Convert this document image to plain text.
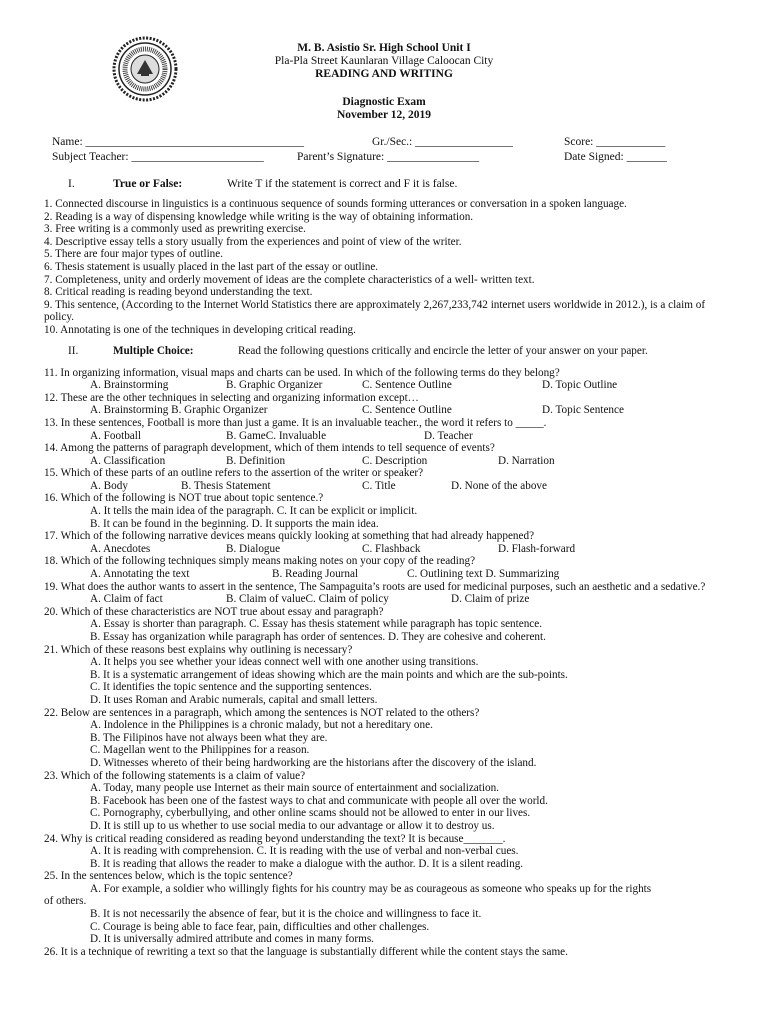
M. B. Asistio Sr. High School Unit I
Pla-Pla Street Kaunlaran Village Caloocan City
READING AND WRITING
Diagnostic Exam
November 12, 2019
Name: ______________________________________	Gr./Sec.: _________________	Score: ____________
Subject Teacher: _______________________	Parent’s Signature: ________________	Date Signed: _______
I.	True or False:	Write T if the statement is correct and F it is false.
1. Connected discourse in linguistics is a continuous sequence of sounds forming utterances or conversation in a spoken language.
2. Reading is a way of dispensing knowledge while writing is the way of obtaining information.
3. Free writing is a commonly used as prewriting exercise.
4. Descriptive essay tells a story usually from the experiences and point of view of the writer.
5. There are four major types of outline.
6. Thesis statement is usually placed in the last part of the essay or outline.
7. Completeness, unity and orderly movement of ideas are the complete characteristics of a well- written text.
8. Critical reading is reading beyond understanding the text.
9. This sentence, (According to the Internet World Statistics there are approximately 2,267,233,742 internet users worldwide in 2012.), is a claim of policy.
10. Annotating is one of the techniques in developing critical reading.
II.	Multiple Choice:	Read the following questions critically and encircle the letter of your answer on your paper.
11. In organizing information, visual maps and charts can be used. In which of the following terms do they belong?
A. Brainstorming	B. Graphic Organizer	C. Sentence Outline	D. Topic Outline
12. These are the other techniques in selecting and organizing information except…
A. Brainstorming B. Graphic Organizer	C. Sentence Outline	D. Topic Sentence
13. In these sentences, Football is more than just a game. It is an invaluable teacher., the word it refers to _____.
A. Football	B. GameC. Invaluable	D. Teacher
14. Among the patterns of paragraph development, which of them intends to tell sequence of events?
A. Classification	B. Definition	C. Description	D. Narration
15. Which of these parts of an outline refers to the assertion of the writer or speaker?
A. Body	B. Thesis Statement	C. Title	D. None of the above
16. Which of the following is NOT true about topic sentence.?
A. It tells the main idea of the paragraph. C. It can be explicit or implicit.
B. It can be found in the beginning. D. It supports the main idea.
17. Which of the following narrative devices means quickly looking at something that had already happened?
A. Anecdotes	B. Dialogue	C. Flashback	D. Flash-forward
18. Which of the following techniques simply means making notes on your copy of the reading?
A. Annotating the text	B. Reading Journal	C. Outlining text D. Summarizing
19. What does the author wants to assert in the sentence, The Sampaguita’s roots are used for medicinal purposes, such an aesthetic and a sedative.?
A. Claim of fact	B. Claim of valueC. Claim of policy	D. Claim of prize
20. Which of these characteristics are NOT true about essay and paragraph?
A. Essay is shorter than paragraph. C. Essay has thesis statement while paragraph has topic sentence.
B. Essay has organization while paragraph has order of sentences. D. They are cohesive and coherent.
21. Which of these reasons best explains why outlining is necessary?
A. It helps you see whether your ideas connect well with one another using transitions.
B. It is a systematic arrangement of ideas showing which are the main points and which are the sub-points.
C. It identifies the topic sentence and the supporting sentences.
D. It uses Roman and Arabic numerals, capital and small letters.
22. Below are sentences in a paragraph, which among the sentences is NOT related to the others?
A. Indolence in the Philippines is a chronic malady, but not a hereditary one.
B. The Filipinos have not always been what they are.
C. Magellan went to the Philippines for a reason.
D. Witnesses whereto of their being hardworking are the historians after the discovery of the island.
23. Which of the following statements is a claim of value?
A. Today, many people use Internet as their main source of entertainment and socialization.
B. Facebook has been one of the fastest ways to chat and communicate with people all over the world.
C. Pornography, cyberbullying, and other online scams should not be allowed to enter in our lives.
D. It is still up to us whether to use social media to our advantage or allow it to destroy us.
24. Why is critical reading considered as reading beyond understanding the text? It is because_______.
A. It is reading with comprehension. C. It is reading with the use of verbal and non-verbal cues.
B. It is reading that allows the reader to make a dialogue with the author. D. It is a silent reading.
25. In the sentences below, which is the topic sentence?
A. For example, a soldier who willingly fights for his country may be as courageous as someone who speaks up for the rights
of others.
B. It is not necessarily the absence of fear, but it is the choice and willingness to face it.
C. Courage is being able to face fear, pain, difficulties and other challenges.
D. It is universally admired attribute and comes in many forms.
26. It is a technique of rewriting a text so that the language is substantially different while the content stays the same.
